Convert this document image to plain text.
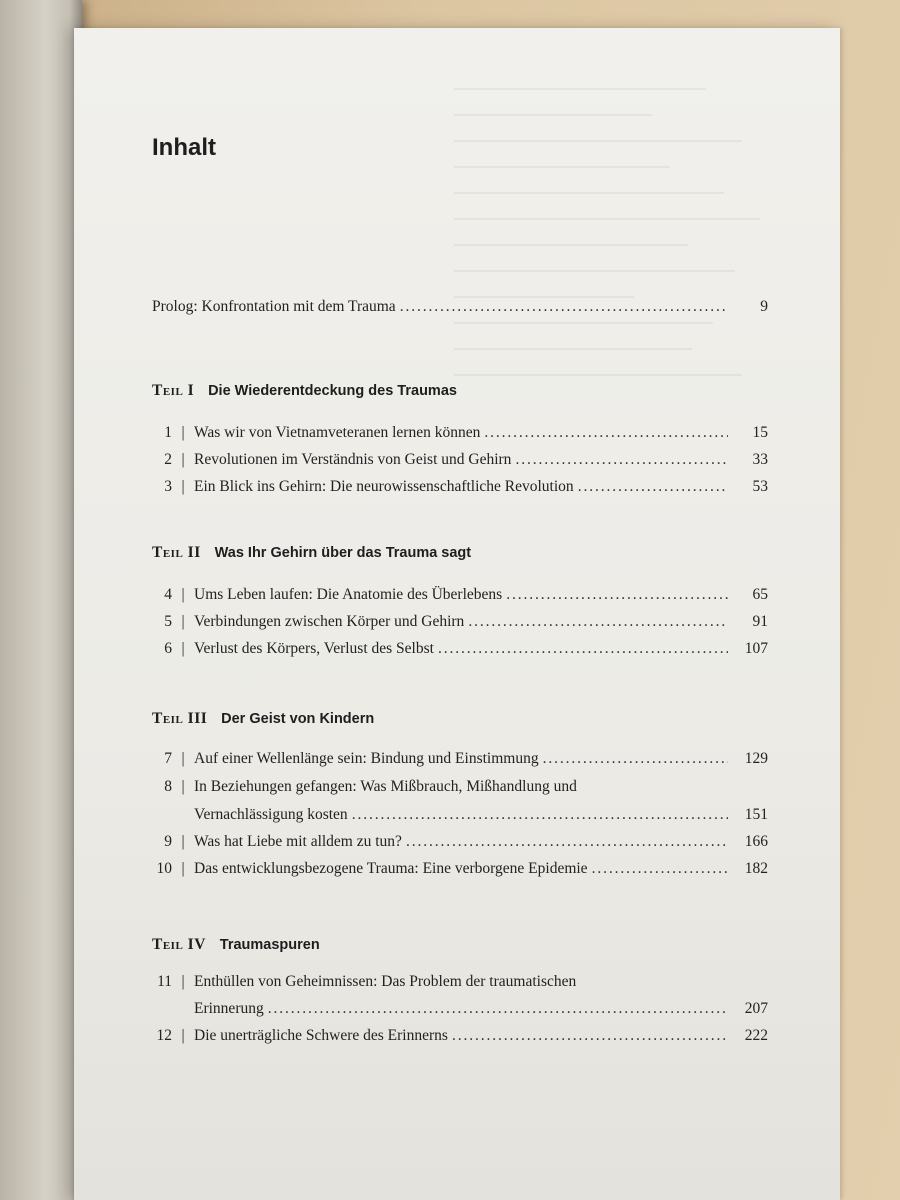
Inhalt
Prolog: Konfrontation mit dem Trauma . . .	9
Teil I Die Wiederentdeckung des Traumas
1 | Was wir von Vietnamveteranen lernen können . . .	15
2 | Revolutionen im Verständnis von Geist und Gehirn . . .	33
3 | Ein Blick ins Gehirn: Die neurowissenschaftliche Revolution . . .	53
Teil II Was Ihr Gehirn über das Trauma sagt
4 | Ums Leben laufen: Die Anatomie des Überlebens . . .	65
5 | Verbindungen zwischen Körper und Gehirn . . .	91
6 | Verlust des Körpers, Verlust des Selbst . . .	107
Teil III Der Geist von Kindern
7 | Auf einer Wellenlänge sein: Bindung und Einstimmung . . .	129
8 | In Beziehungen gefangen: Was Mißbrauch, Mißhandlung und
Vernachlässigung kosten . . .	151
9 | Was hat Liebe mit alldem zu tun? . . .	166
10 | Das entwicklungsbezogene Trauma: Eine verborgene Epidemie . . .	182
Teil IV Traumaspuren
11 | Enthüllen von Geheimnissen: Das Problem der traumatischen
Erinnerung . . .	207
12 | Die unerträgliche Schwere des Erinnerns . . .	222
